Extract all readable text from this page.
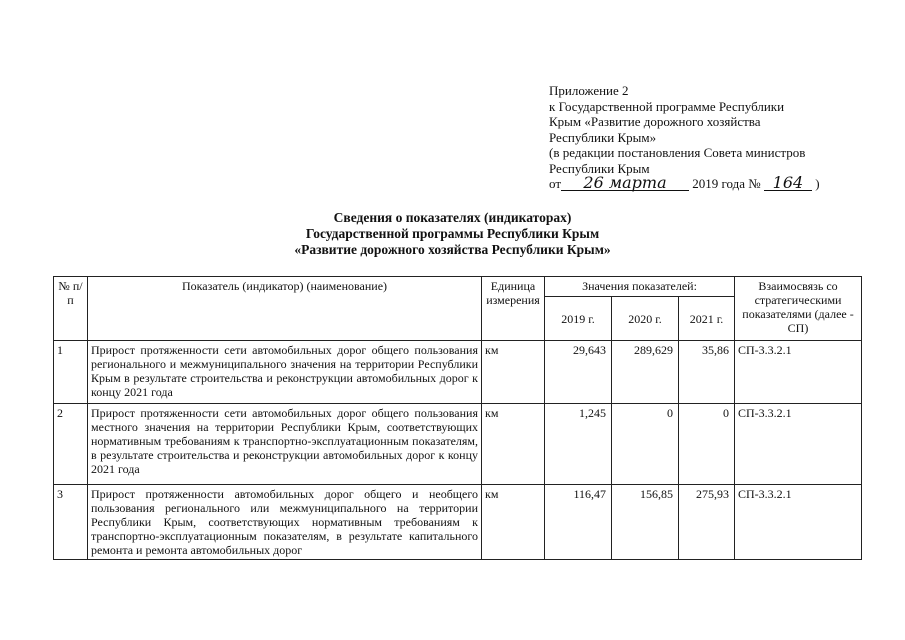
Приложение 2
к Государственной программе Республики
Крым «Развитие дорожного хозяйства
Республики Крым»
(в редакции постановления Совета министров
Республики Крым
от 26 марта 2019 года № 164 )
Сведения о показателях (индикаторах)
Государственной программы Республики Крым
«Развитие дорожного хозяйства Республики Крым»
№ п/п	Показатель (индикатор) (наименование)	Единица измерения	Значения показателей:			Взаимосвязь со стратегическими показателями (далее - СП)
			2019 г.	2020 г.	2021 г.	
1	Прирост протяженности сети автомобильных дорог общего пользования регионального и межмуниципального значения на территории Республики Крым в результате строительства и реконструкции автомобильных дорог к концу 2021 года	км	29,643	289,629	35,86	СП-3.3.2.1
2	Прирост протяженности сети автомобильных дорог общего пользования местного значения на территории Республики Крым, соответствующих нормативным требованиям к транспортно-эксплуатационным показателям, в результате строительства и реконструкции автомобильных дорог к концу 2021 года	км	1,245	0	0	СП-3.3.2.1
3	Прирост протяженности автомобильных дорог общего и необщего пользования регионального или межмуниципального на территории Республики Крым, соответствующих нормативным требованиям к транспортно-эксплуатационным показателям, в результате капитального ремонта и ремонта автомобильных дорог	км	116,47	156,85	275,93	СП-3.3.2.1
